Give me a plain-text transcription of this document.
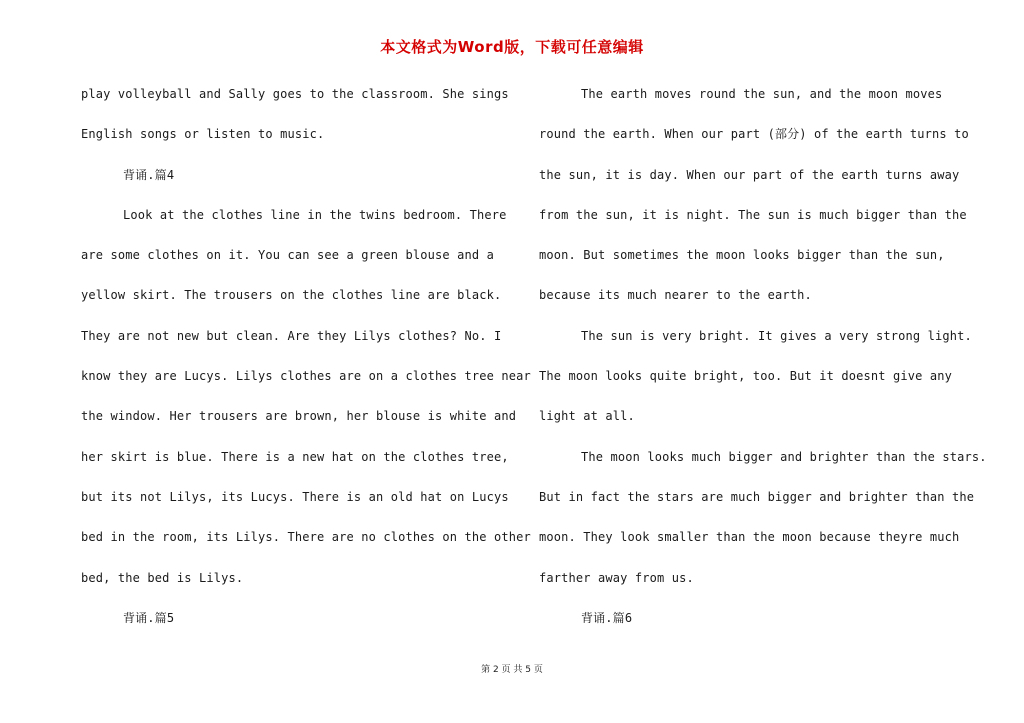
本文格式为Word版，下载可任意编辑
play volleyball and Sally goes to the classroom. She sings
English songs or listen to music.
背诵.篇4
Look at the clothes line in the twins bedroom. There
are some clothes on it. You can see a green blouse and a
yellow skirt. The trousers on the clothes line are black.
They are not new but clean. Are they Lilys clothes? No. I
know they are Lucys. Lilys clothes are on a clothes tree near
the window. Her trousers are brown, her blouse is white and
her skirt is blue. There is a new hat on the clothes tree,
but its not Lilys, its Lucys. There is an old hat on Lucys
bed in the room, its Lilys. There are no clothes on the other
bed, the bed is Lilys.
背诵.篇5
The earth moves round the sun, and the moon moves
round the earth. When our part (部分) of the earth turns to
the sun, it is day. When our part of the earth turns away
from the sun, it is night. The sun is much bigger than the
moon. But sometimes the moon looks bigger than the sun,
because its much nearer to the earth.
The sun is very bright. It gives a very strong light.
The moon looks quite bright, too. But it doesnt give any
light at all.
The moon looks much bigger and brighter than the stars.
But in fact the stars are much bigger and brighter than the
moon. They look smaller than the moon because theyre much
farther away from us.
背诵.篇6
第 2 页 共 5 页
